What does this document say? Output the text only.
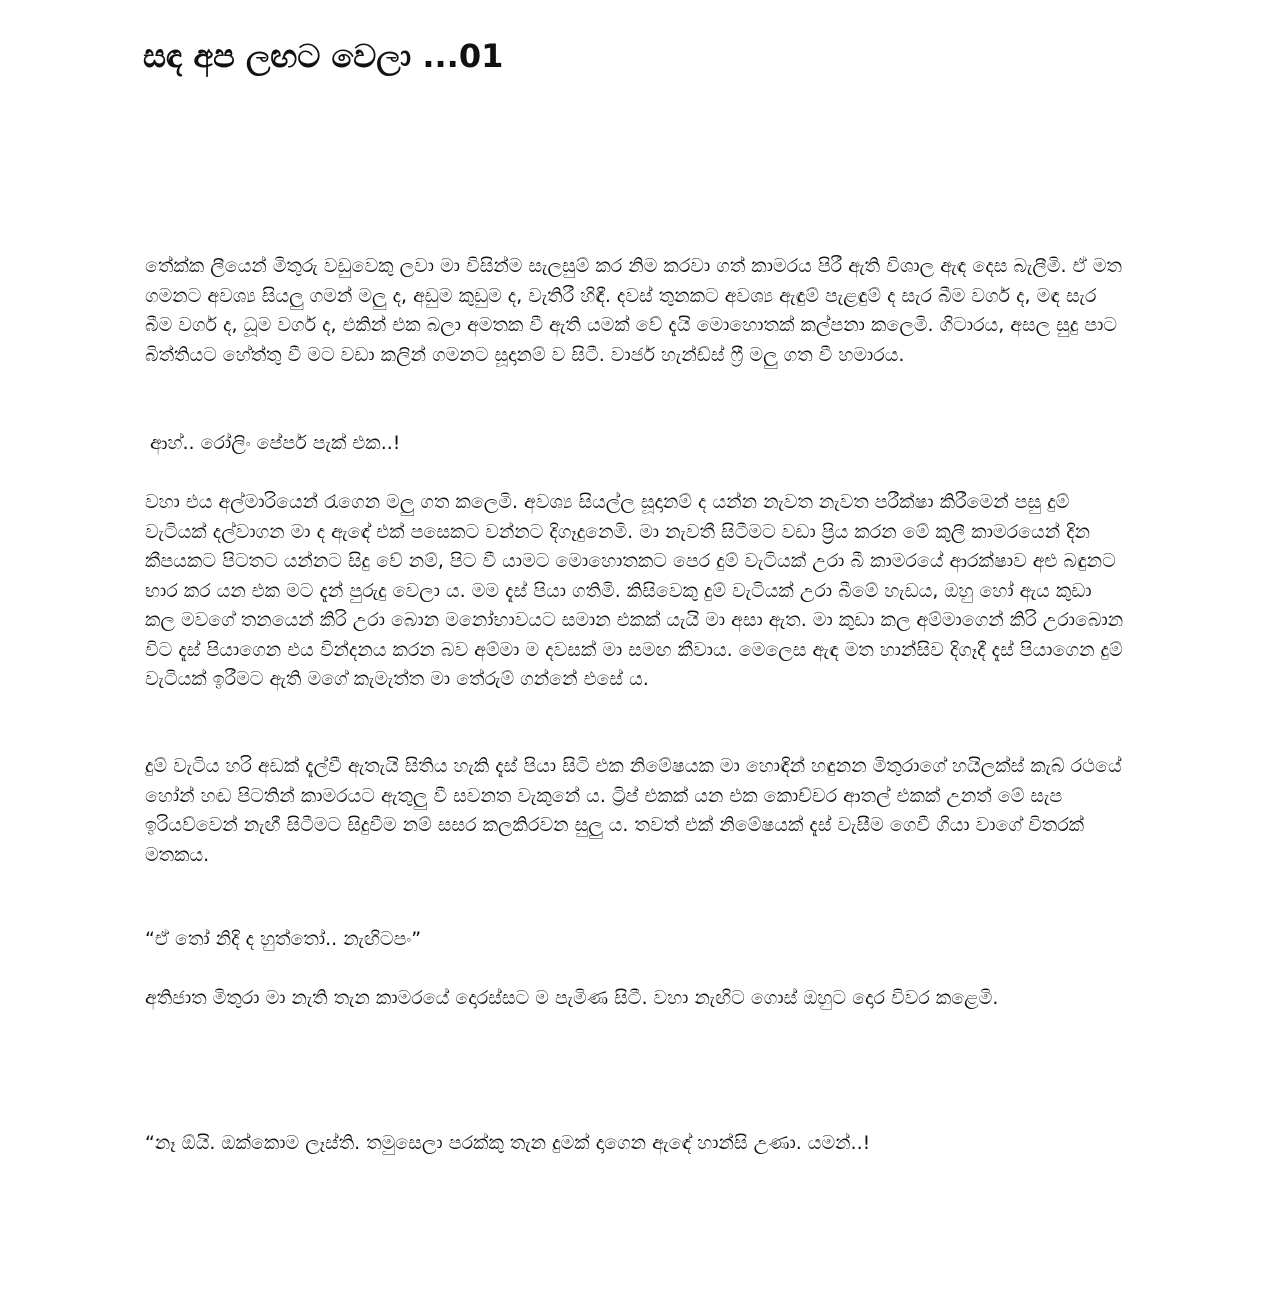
සඳ අප ලඟට වෙලා ...01

තේක්ක ලීයෙන් මිතුරු වඩුවෙකු ලවා මා විසින්ම සැලසුම් කර නිම කරවා ගත් කාමරය පිරී ඇති විශාල ඇඳ දෙස බැලීමි. ඒ මත ගමනට අවශ්‍ය සියලු ගමන් මලු ද, අඩුම කුඩුම ද, වැතිරී හිඳී. දවස් තුනකට අවශ්‍ය ඇඳුම් පැළඳුම් ද සැර බීම වර්ග ද, මඳ සැර බීම වර්ග ද, ධූම වර්ග ද, එකින් එක බලා අමතක වී ඇති යමක් වේ දැයි මොහොතක් කල්පනා කලෙමි. ගිටාරය, අසල සුදු පාට බිත්තියට හේත්තු වී මට වඩා කලින් ගමනට සූදානම් ව සිටී. වාජර් හැන්ඩ්ස් ෆ්‍රී මලු ගත වී හමාරය.

ආහ්.. රෝලිං පේපර් පැක් එක..!

වහා එය අල්මාරියෙන් රැගෙන මලු ගත කලෙමි. අවශ්‍ය සියල්ල සූදානම් ද යන්න නැවත නැවත පරීක්ෂා කිරීමෙන් පසු දුම් වැටියක් දල්වාගන මා ද ඇඳේ එක් පසෙකට වන්නට දිගෑදුනෙමි. මා නැවතී සිටීමට වඩා ප්‍රිය කරන මේ කුලී කාමරයෙන් දින කීපයකට පිටතට යන්නට සිදු වේ නම්, පිට වී යාමට මොහොතකට පෙර දුම් වැටියක් උරා බී කාමරයේ ආරක්ෂාව අළු බඳුනට භාර කර යන එක මට දැන් පුරුදු වෙලා ය. මම දැස් පියා ගතිමි. කිසිවෙකු දුම් වැටියක් උරා බීමේ හැඩය, ඔහු හෝ ඇය කුඩා කල මවගේ තනයෙන් කිරි උරා බොන මනෝභාවයට සමාන එකක් යැයි මා අසා ඇත. මා කුඩා කල අම්මාගෙන් කිරි උරාබොන විට දැස් පියාගෙන එය වින්දනය කරන බව අම්මා ම දවසක් මා සමඟ කීවාය. මෙලෙස ඇඳ මත හාන්සිව දිගෑදී දැස් පියාගෙන දුම් වැටියක් ඉරීමට ඇති මගේ කැමැත්ත මා තේරුම් ගන්නේ එසේ ය.

දුම් වැටිය හරි අඩක් දැල්වී ඇතැයි සිතිය හැකි දැස් පියා සිටි එක නිමේෂයක මා හොඳින් හඳුනන මිතුරාගේ හයිලක්ස් කැබ් රථයේ හෝන් හඬ පිටතින් කාමරයට ඇතුලු වී සවනත වැකුනේ ය. ට්‍රිප් එකක් යන එක කොච්චර ආතල් එකක් උනත් මේ සැප ඉරියව්වෙන් නැඟී සිටීමට සිදුවීම නම් සසර කලකිරවන සුලු ය. තවත් එක් නිමේෂයක් දැස් වැසීම ගෙවී ගියා වාගේ විතරක් මතකය.

“ඒ තෝ නිදි ද හුත්තෝ.. නැඟිටපං”

අතිජාත මිතුරා මා නැති තැන කාමරයේ දොරස්සට ම පැමිණ සිටී. වහා නැඟිට ගොස් ඔහුට දොර විවර කළෙමි.

“නෑ ඕයි. ඔක්කොම ලෑස්ති. තමුසෙලා පරක්කු තැන දුමක් දාගෙන ඇඳේ හාන්සි උණා. යමන්..!
